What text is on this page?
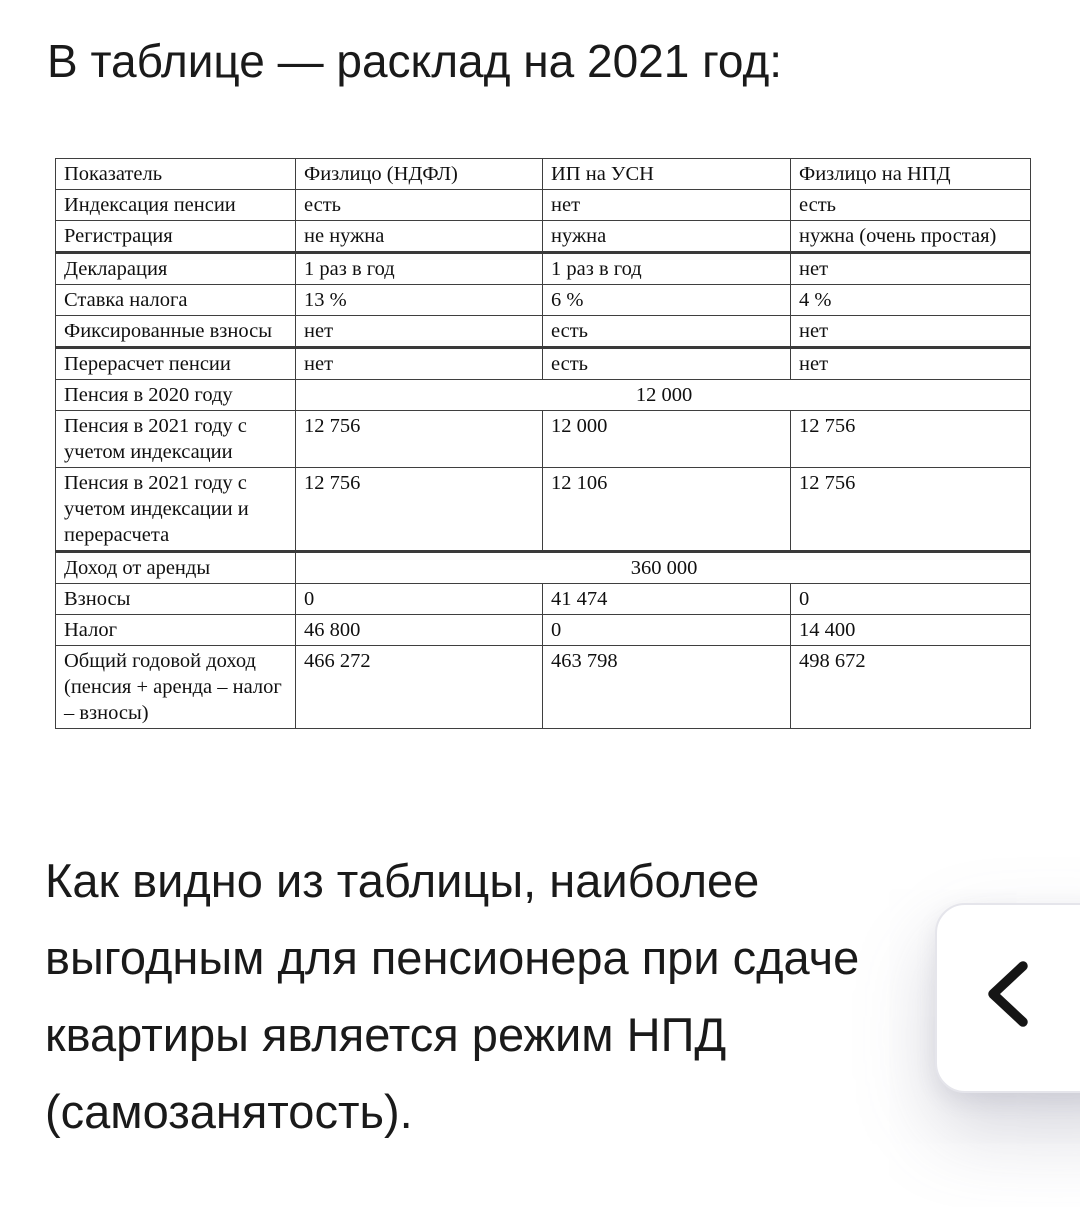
В таблице — расклад на 2021 год:
Показатель	Физлицо (НДФЛ)	ИП на УСН	Физлицо на НПД
Индексация пенсии	есть	нет	есть
Регистрация	не нужна	нужна	нужна (очень простая)
Декларация	1 раз в год	1 раз в год	нет
Ставка налога	13 %	6 %	4 %
Фиксированные взносы	нет	есть	нет
Перерасчет пенсии	нет	есть	нет
Пенсия в 2020 году	12 000		
Пенсия в 2021 году с учетом индексации	12 756	12 000	12 756
Пенсия в 2021 году с учетом индексации и перерасчета	12 756	12 106	12 756
Доход от аренды	360 000		
Взносы	0	41 474	0
Налог	46 800	0	14 400
Общий годовой доход (пенсия + аренда – налог – взносы)	466 272	463 798	498 672
Как видно из таблицы, наиболее
выгодным для пенсионера при сдаче
квартиры является режим НПД
(самозанятость).
